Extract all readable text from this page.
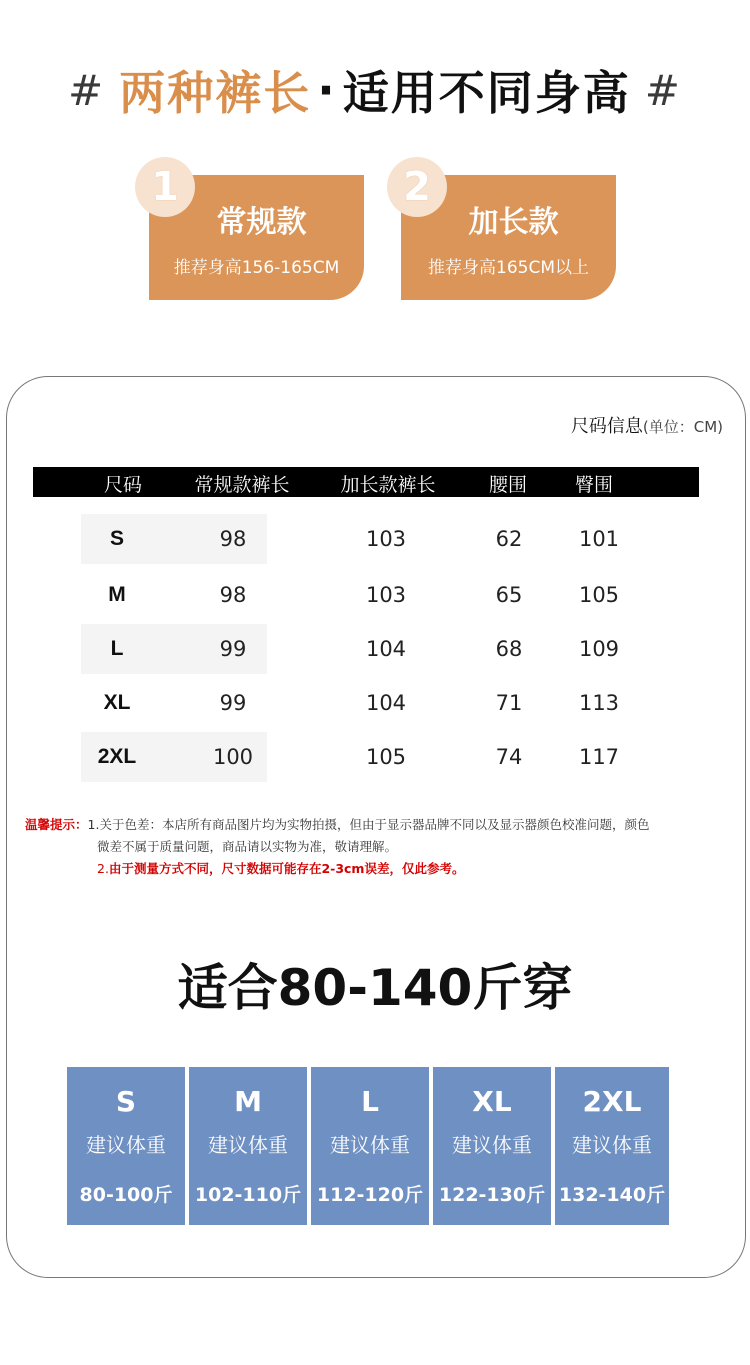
# 两种裤长 · 适用不同身高 #
1
常规款
推荐身高156-165CM
2
加长款
推荐身高165CM以上
尺码信息(单位：CM)
尺码	常规款裤长	加长款裤长	腰围	臀围
S	98	103	62	101
M	98	103	65	105
L	99	104	68	109
XL	99	104	71	113
2XL	100	105	74	117
温馨提示：1.关于色差：本店所有商品图片均为实物拍摄，但由于显示器品牌不同以及显示器颜色校准问题，颜色
微差不属于质量问题，商品请以实物为准，敬请理解。
2.由于测量方式不同，尺寸数据可能存在2-3cm误差，仅此参考。
适合80-140斤穿
S
建议体重
80-100斤
M
建议体重
102-110斤
L
建议体重
112-120斤
XL
建议体重
122-130斤
2XL
建议体重
132-140斤
